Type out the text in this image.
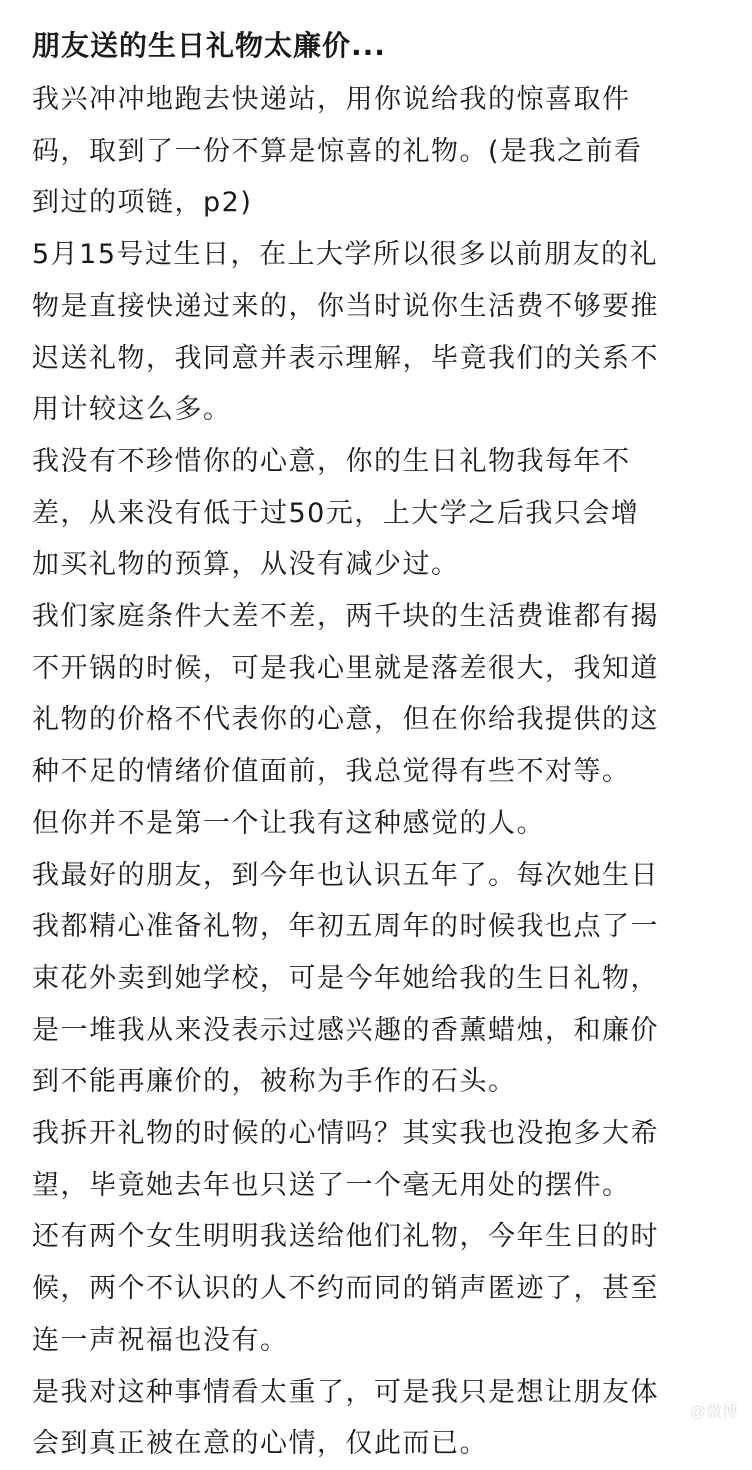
朋友送的生日礼物太廉价...

我兴冲冲地跑去快递站，用你说给我的惊喜取件
码，取到了一份不算是惊喜的礼物。(是我之前看
到过的项链，p2)

5月15号过生日，在上大学所以很多以前朋友的礼
物是直接快递过来的，你当时说你生活费不够要推
迟送礼物，我同意并表示理解，毕竟我们的关系不
用计较这么多。

我没有不珍惜你的心意，你的生日礼物我每年不
差，从来没有低于过50元，上大学之后我只会增
加买礼物的预算，从没有减少过。

我们家庭条件大差不差，两千块的生活费谁都有揭
不开锅的时候，可是我心里就是落差很大，我知道
礼物的价格不代表你的心意，但在你给我提供的这
种不足的情绪价值面前，我总觉得有些不对等。

但你并不是第一个让我有这种感觉的人。

我最好的朋友，到今年也认识五年了。每次她生日
我都精心准备礼物，年初五周年的时候我也点了一
束花外卖到她学校，可是今年她给我的生日礼物，
是一堆我从来没表示过感兴趣的香薰蜡烛，和廉价
到不能再廉价的，被称为手作的石头。

我拆开礼物的时候的心情吗？其实我也没抱多大希
望，毕竟她去年也只送了一个毫无用处的摆件。

还有两个女生明明我送给他们礼物，今年生日的时
候，两个不认识的人不约而同的销声匿迹了，甚至
连一声祝福也没有。

是我对这种事情看太重了，可是我只是想让朋友体
会到真正被在意的心情，仅此而已。

@微博
